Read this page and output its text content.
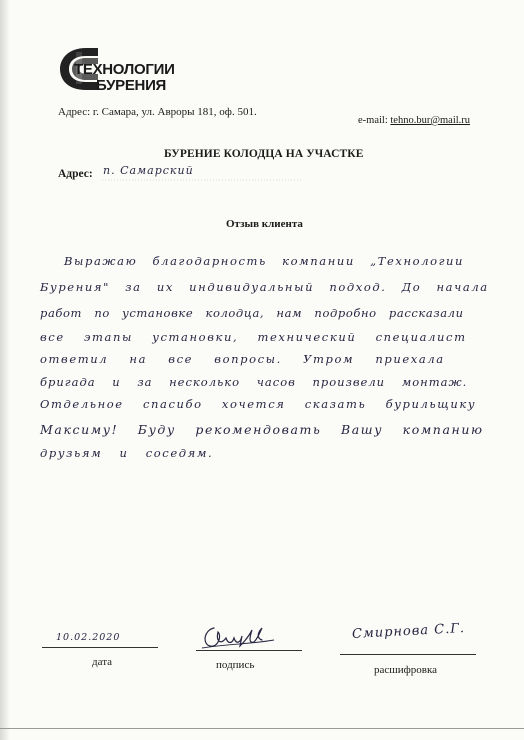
ТЕХНОЛОГИИ
БУРЕНИЯ
Адрес: г. Самара, ул. Авроры 181, оф. 501.
e-mail: tehno.bur@mail.ru
БУРЕНИЕ КОЛОДЦА НА УЧАСТКЕ
Адрес: п. Самарский
Отзыв клиента
Выражаю благодарность компании „Технологии
Бурения" за их индивидуальный подход. До начала
работ по установке колодца, нам подробно рассказали
все этапы установки, технический специалист
ответил на все вопросы. Утром приехала
бригада и за несколько часов произвели монтаж.
Отдельное спасибо хочется сказать бурильщику
Максиму! Буду рекомендовать Вашу компанию
друзьям и соседям.
10.02.2020
дата	подпись
Смирнова С.Г.
расшифровка
